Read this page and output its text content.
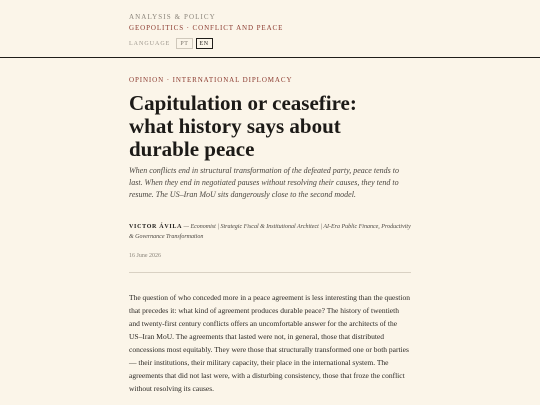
ANALYSIS & POLICY
GEOPOLITICS · CONFLICT AND PEACE
LANGUAGE	PT	EN
OPINION · INTERNATIONAL DIPLOMACY
Capitulation or ceasefire: what history says about durable peace

When conflicts end in structural transformation of the defeated party, peace tends to last. When they end in negotiated pauses without resolving their causes, they tend to resume. The US–Iran MoU sits dangerously close to the second model.

VICTOR ÁVILA — Economist | Strategic Fiscal & Institutional Architect | AI-Era Public Finance, Productivity & Governance Transformation
16 June 2026

The question of who conceded more in a peace agreement is less interesting than the question that precedes it: what kind of agreement produces durable peace? The history of twentieth and twenty-first century conflicts offers an uncomfortable answer for the architects of the US–Iran MoU. The agreements that lasted were not, in general, those that distributed concessions most equitably. They were those that structurally transformed one or both parties — their institutions, their military capacity, their place in the international system. The agreements that did not last were, with a disturbing consistency, those that froze the conflict without resolving its causes.
